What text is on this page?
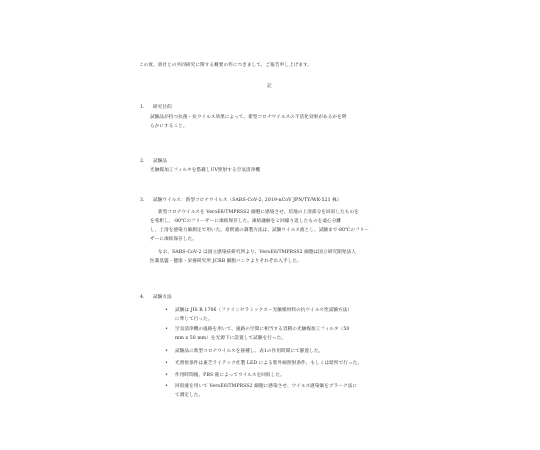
この度、貴社との共同研究に関する概要の件につきまして、ご報告申し上げます。
記
1. 研究目的
試験品が持つ抗菌・抗ウイルス効果によって、新型コロナウイルスの不活化効果があるかを明
らかにすること。
2. 試験品
光触媒加工フィルタを搭載しUV照射する空気清浄機
3. 試験ウイルス：新型コロナウイルス（SARS-CoV-2, 2019-nCoV JPN/TY/WK-521 株）
新型コロナウイルスを VeroE6/TMPRSS2 細胞に感染させ、培地の上清部分を回収したものを
を希釈し、-80℃のフリーザーに凍結保存した。凍結融解を２回繰り返したものを遠心分離
し、上清を感染力価測定で用いた。希釈液の調製方法は、試験ウイルス液とし、試験まで-80℃のフリー
ザーに凍結保存した。
なお、SARS-CoV-2 は国立感染症研究所より、VeroE6/TMPRSS2 細胞は国立研究開発法人
医薬基盤・健康・栄養研究所 JCRB 細胞バンクよりそれぞれ入手した。
4. 試験方法
• 試験は JIS R 1706（ファインセラミックス－光触媒材料の抗ウイルス性試験方法）
に準じて行った。
• 空気清浄機の風路を用いて、風路の空間に相当する容積の光触媒加工フィルタ（50
mm x 50 mm）を光源下に設置して試験を行った。
• 試験品に新型コロナウイルスを接種し、表1の作用時間にて静置した。
• 光照射条件は東芝ライテック社製 LED による紫外線照射条件、もしくは暗所で行った。
• 作用時間後、PBS 液によってウイルスを回収した。
• 回収液を用いて VeroE6/TMPRSS2 細胞に感染させ、ウイルス感染価をプラーク法に
て測定した。
